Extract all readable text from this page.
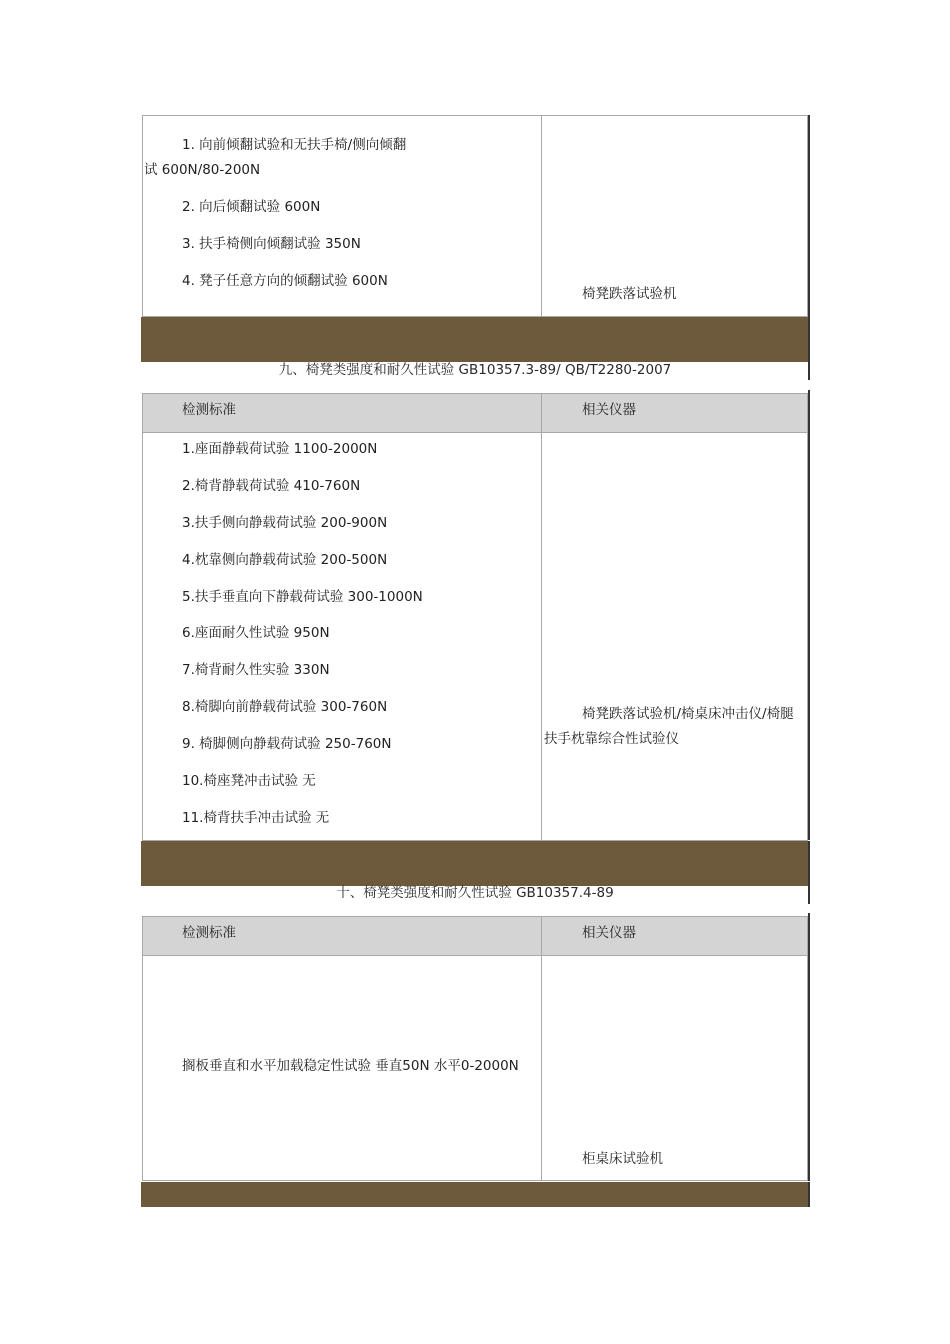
1. 向前倾翻试验和无扶手椅/侧向倾翻
试 600N/80-200N
2. 向后倾翻试验 600N
3. 扶手椅侧向倾翻试验 350N
4. 凳子任意方向的倾翻试验 600N
椅凳跌落试验机
九、椅凳类强度和耐久性试验 GB10357.3-89/ QB/T2280-2007
检测标准	相关仪器
1.座面静载荷试验 1100-2000N
2.椅背静载荷试验 410-760N
3.扶手侧向静载荷试验 200-900N
4.枕靠侧向静载荷试验 200-500N
5.扶手垂直向下静载荷试验 300-1000N
6.座面耐久性试验 950N
7.椅背耐久性实验 330N
8.椅脚向前静载荷试验 300-760N
9. 椅脚侧向静载荷试验 250-760N
10.椅座凳冲击试验 无
11.椅背扶手冲击试验 无
椅凳跌落试验机/椅桌床冲击仪/椅腿
扶手枕靠综合性试验仪
十、椅凳类强度和耐久性试验 GB10357.4-89
检测标准	相关仪器
搁板垂直和水平加载稳定性试验 垂直50N 水平0-2000N
柜桌床试验机
